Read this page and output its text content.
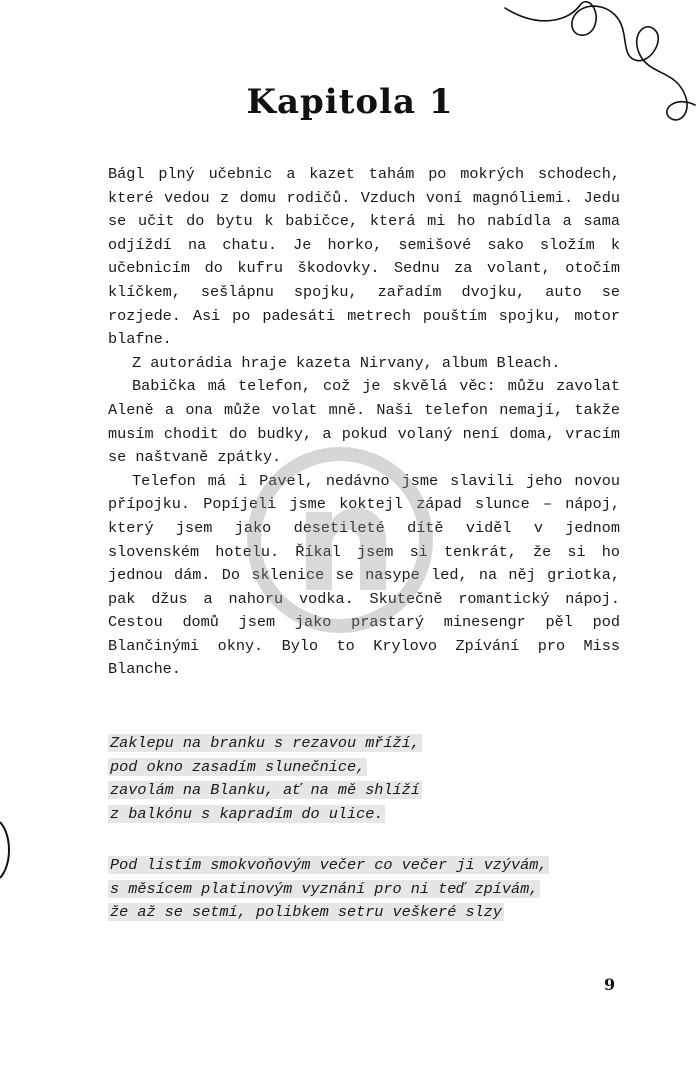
Kapitola 1

Bágl plný učebnic a kazet tahám po mokrých schodech, které vedou z domu rodičů. Vzduch voní magnóliemi. Jedu se učit do bytu k babičce, která mi ho nabídla a sama odjíždí na chatu. Je horko, semišové sako složím k učebnicím do kufru škodovky. Sednu za volant, otočím klíčkem, sešlápnu spojku, zařadím dvojku, auto se rozjede. Asi po padesáti metrech pouštím spojku, motor blafne.

Z autorádia hraje kazeta Nirvany, album Bleach.

Babička má telefon, což je skvělá věc: můžu zavolat Aleně a ona může volat mně. Naši telefon nemají, takže musím chodit do budky, a pokud volaný není doma, vracím se naštvaně zpátky.

Telefon má i Pavel, nedávno jsme slavili jeho novou přípojku. Popíjeli jsme koktejl západ slunce – nápoj, který jsem jako desetileté dítě viděl v jednom slovenském hotelu. Říkal jsem si tenkrát, že si ho jednou dám. Do sklenice se nasype led, na něj griotka, pak džus a nahoru vodka. Skutečně romantický nápoj. Cestou domů jsem jako prastarý minesengr pěl pod Blančinými okny. Bylo to Krylovo Zpívání pro Miss Blanche.

Zaklepu na branku s rezavou mříží,
pod okno zasadím slunečnice,
zavolám na Blanku, ať na mě shlíží
z balkónu s kapradím do ulice.
Pod listím smokvoňovým večer co večer ji vzývám,
s měsícem platinovým vyznání pro ni teď zpívám,
že až se setmí, polibkem setru veškeré slzy
9
